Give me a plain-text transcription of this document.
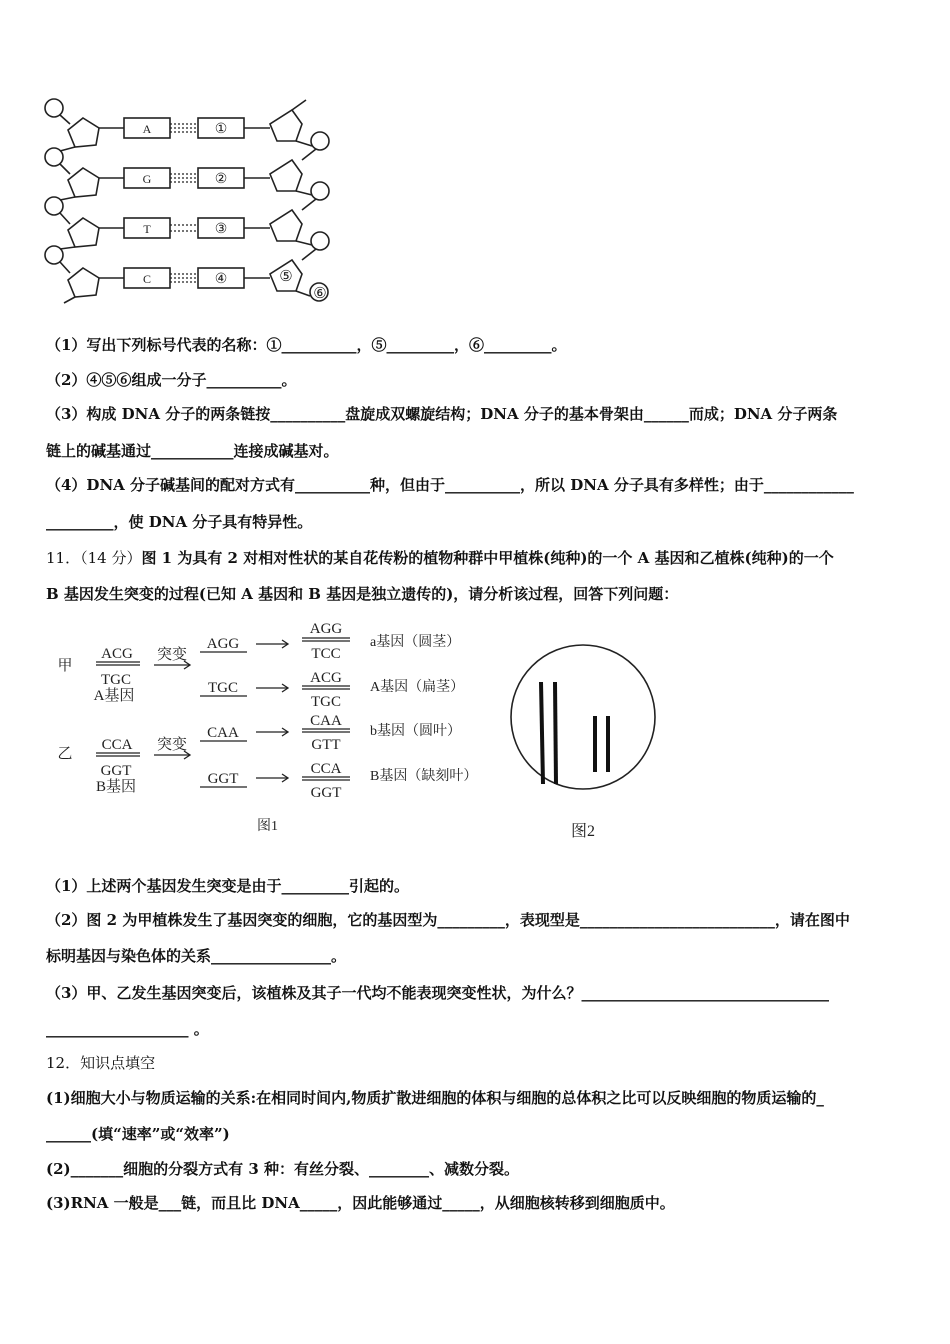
A
G
T
C
①
②
③
④	⑤
⑥
（1）写出下列标号代表的名称：①__________，⑤_________，⑥_________。
（2）④⑤⑥组成一分子__________。
（3）构成 DNA 分子的两条链按__________盘旋成双螺旋结构；DNA 分子的基本骨架由______而成；DNA 分子两条
链上的碱基通过___________连接成碱基对。
（4）DNA 分子碱基间的配对方式有__________种，但由于__________，所以 DNA 分子具有多样性；由于____________
_________，使 DNA 分子具有特异性。
11．（14 分）图 1 为具有 2 对相对性状的某自花传粉的植物种群中甲植株(纯种)的一个 A 基因和乙植株(纯种)的一个
B 基因发生突变的过程(已知 A 基因和 B 基因是独立遗传的)，请分析该过程，回答下列问题：
甲
乙
ACG
TGC
A基因
CCA
GGT
B基因
突变
突变
AGG
TGC
CAA
GGT
AGG
TCC
ACG
TGC
CAA
GTT
CCA
GGT
a基因（圆茎）
A基因（扁茎）
b基因（圆叶）
B基因（缺刻叶）
图1	图2
（1）上述两个基因发生突变是由于_________引起的。
（2）图 2 为甲植株发生了基因突变的细胞，它的基因型为_________，表现型是__________________________，请在图中
标明基因与染色体的关系________________。
（3）甲、乙发生基因突变后，该植株及其子一代均不能表现突变性状，为什么？_________________________________
___________________ 。
12．知识点填空
(1)细胞大小与物质运输的关系:在相同时间内,物质扩散进细胞的体积与细胞的总体积之比可以反映细胞的物质运输的_
______(填“速率”或“效率”)
(2)_______细胞的分裂方式有 3 种：有丝分裂、________、减数分裂。
(3)RNA 一般是___链，而且比 DNA_____，因此能够通过_____，从细胞核转移到细胞质中。
